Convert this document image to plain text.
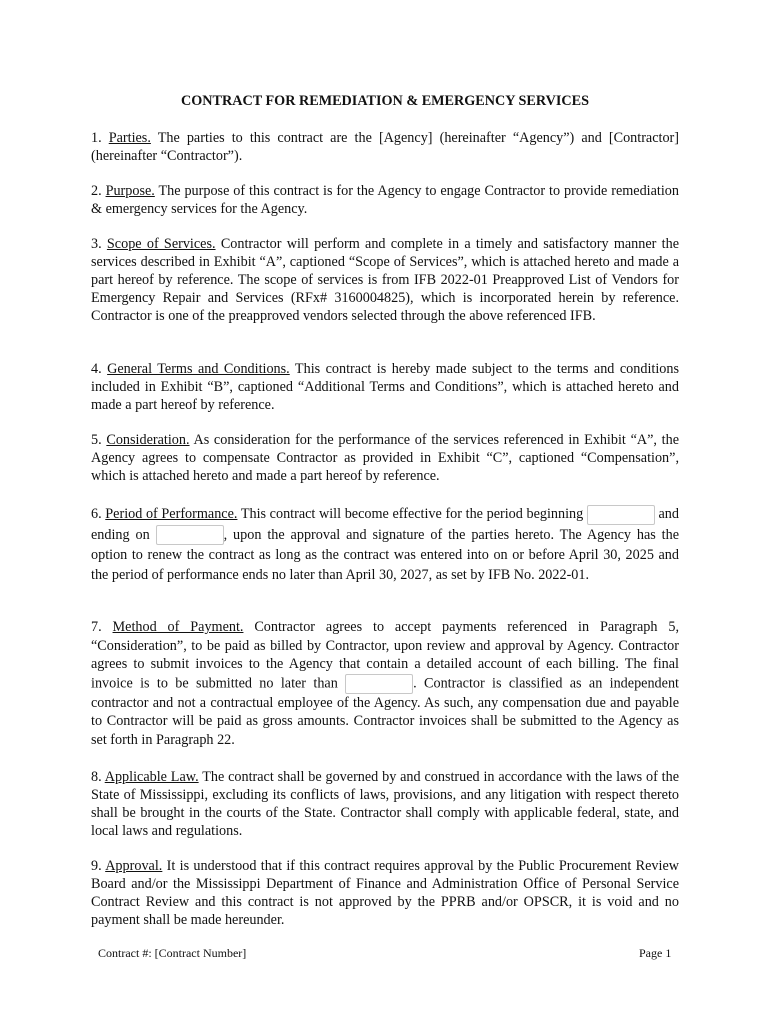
CONTRACT FOR REMEDIATION & EMERGENCY SERVICES

1. Parties. The parties to this contract are the [Agency] (hereinafter “Agency”) and [Contractor] (hereinafter “Contractor”).

2. Purpose. The purpose of this contract is for the Agency to engage Contractor to provide remediation & emergency services for the Agency.

3. Scope of Services. Contractor will perform and complete in a timely and satisfactory manner the services described in Exhibit “A”, captioned “Scope of Services”, which is attached hereto and made a part hereof by reference. The scope of services is from IFB 2022-01 Preapproved List of Vendors for Emergency Repair and Services (RFx# 3160004825), which is incorporated herein by reference. Contractor is one of the preapproved vendors selected through the above referenced IFB.

4. General Terms and Conditions. This contract is hereby made subject to the terms and conditions included in Exhibit “B”, captioned “Additional Terms and Conditions”, which is attached hereto and made a part hereof by reference.

5. Consideration. As consideration for the performance of the services referenced in Exhibit “A”, the Agency agrees to compensate Contractor as provided in Exhibit “C”, captioned “Compensation”, which is attached hereto and made a part hereof by reference.

6. Period of Performance. This contract will become effective for the period beginning	and ending on	, upon the approval and signature of the parties hereto. The Agency has the option to renew the contract as long as the contract was entered into on or before April 30, 2025 and the period of performance ends no later than April 30, 2027, as set by IFB No. 2022-01.

7. Method of Payment. Contractor agrees to accept payments referenced in Paragraph 5, “Consideration”, to be paid as billed by Contractor, upon review and approval by Agency. Contractor agrees to submit invoices to the Agency that contain a detailed account of each billing. The final invoice is to be submitted no later than	. Contractor is classified as an independent contractor and not a contractual employee of the Agency. As such, any compensation due and payable to Contractor will be paid as gross amounts. Contractor invoices shall be submitted to the Agency as set forth in Paragraph 22.

8. Applicable Law. The contract shall be governed by and construed in accordance with the laws of the State of Mississippi, excluding its conflicts of laws, provisions, and any litigation with respect thereto shall be brought in the courts of the State. Contractor shall comply with applicable federal, state, and local laws and regulations.

9. Approval. It is understood that if this contract requires approval by the Public Procurement Review Board and/or the Mississippi Department of Finance and Administration Office of Personal Service Contract Review and this contract is not approved by the PPRB and/or OPSCR, it is void and no payment shall be made hereunder.

Contract #: [Contract Number]	Page 1
